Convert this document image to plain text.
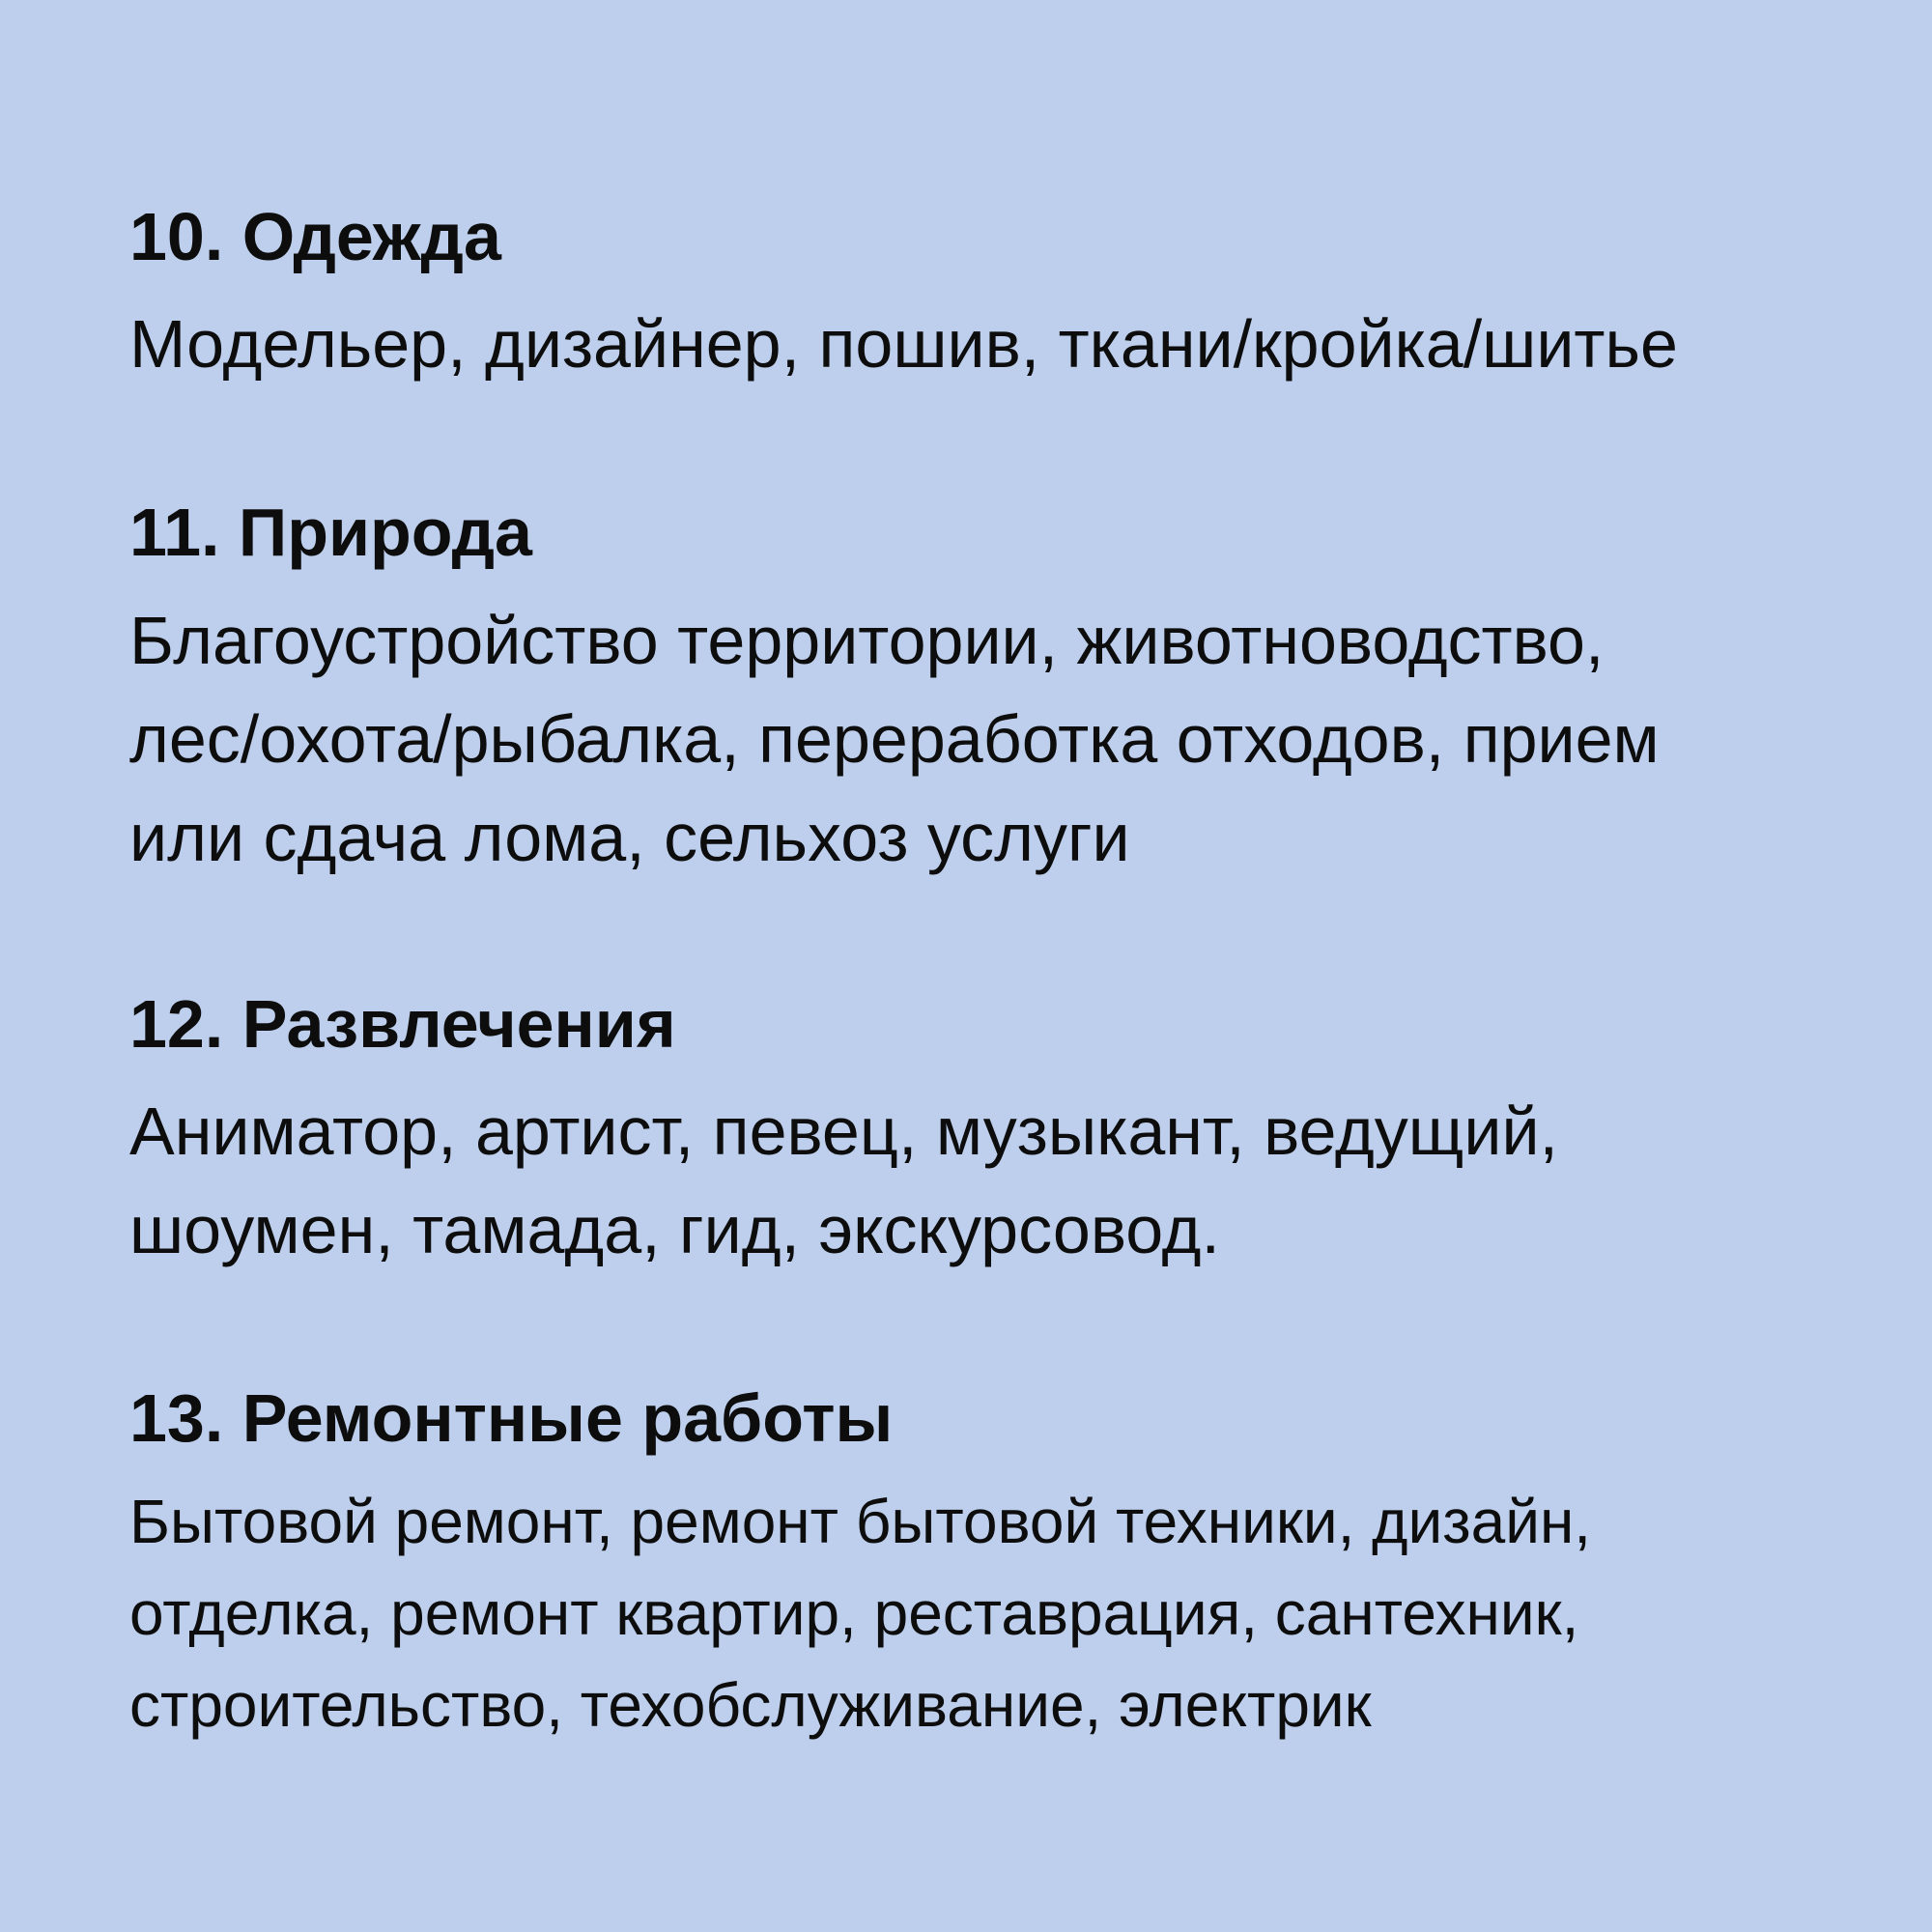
10. Одежда

Модельер, дизайнер, пошив, ткани/кройка/шитье

11. Природа

Благоустройство территории, животноводство,
лес/охота/рыбалка, переработка отходов, прием
или сдача лома, сельхоз услуги

12. Развлечения

Аниматор, артист, певец, музыкант, ведущий,
шоумен, тамада, гид, экскурсовод.

13. Ремонтные работы

Бытовой ремонт, ремонт бытовой техники, дизайн,
отделка, ремонт квартир, реставрация, сантехник,
строительство, техобслуживание, электрик
